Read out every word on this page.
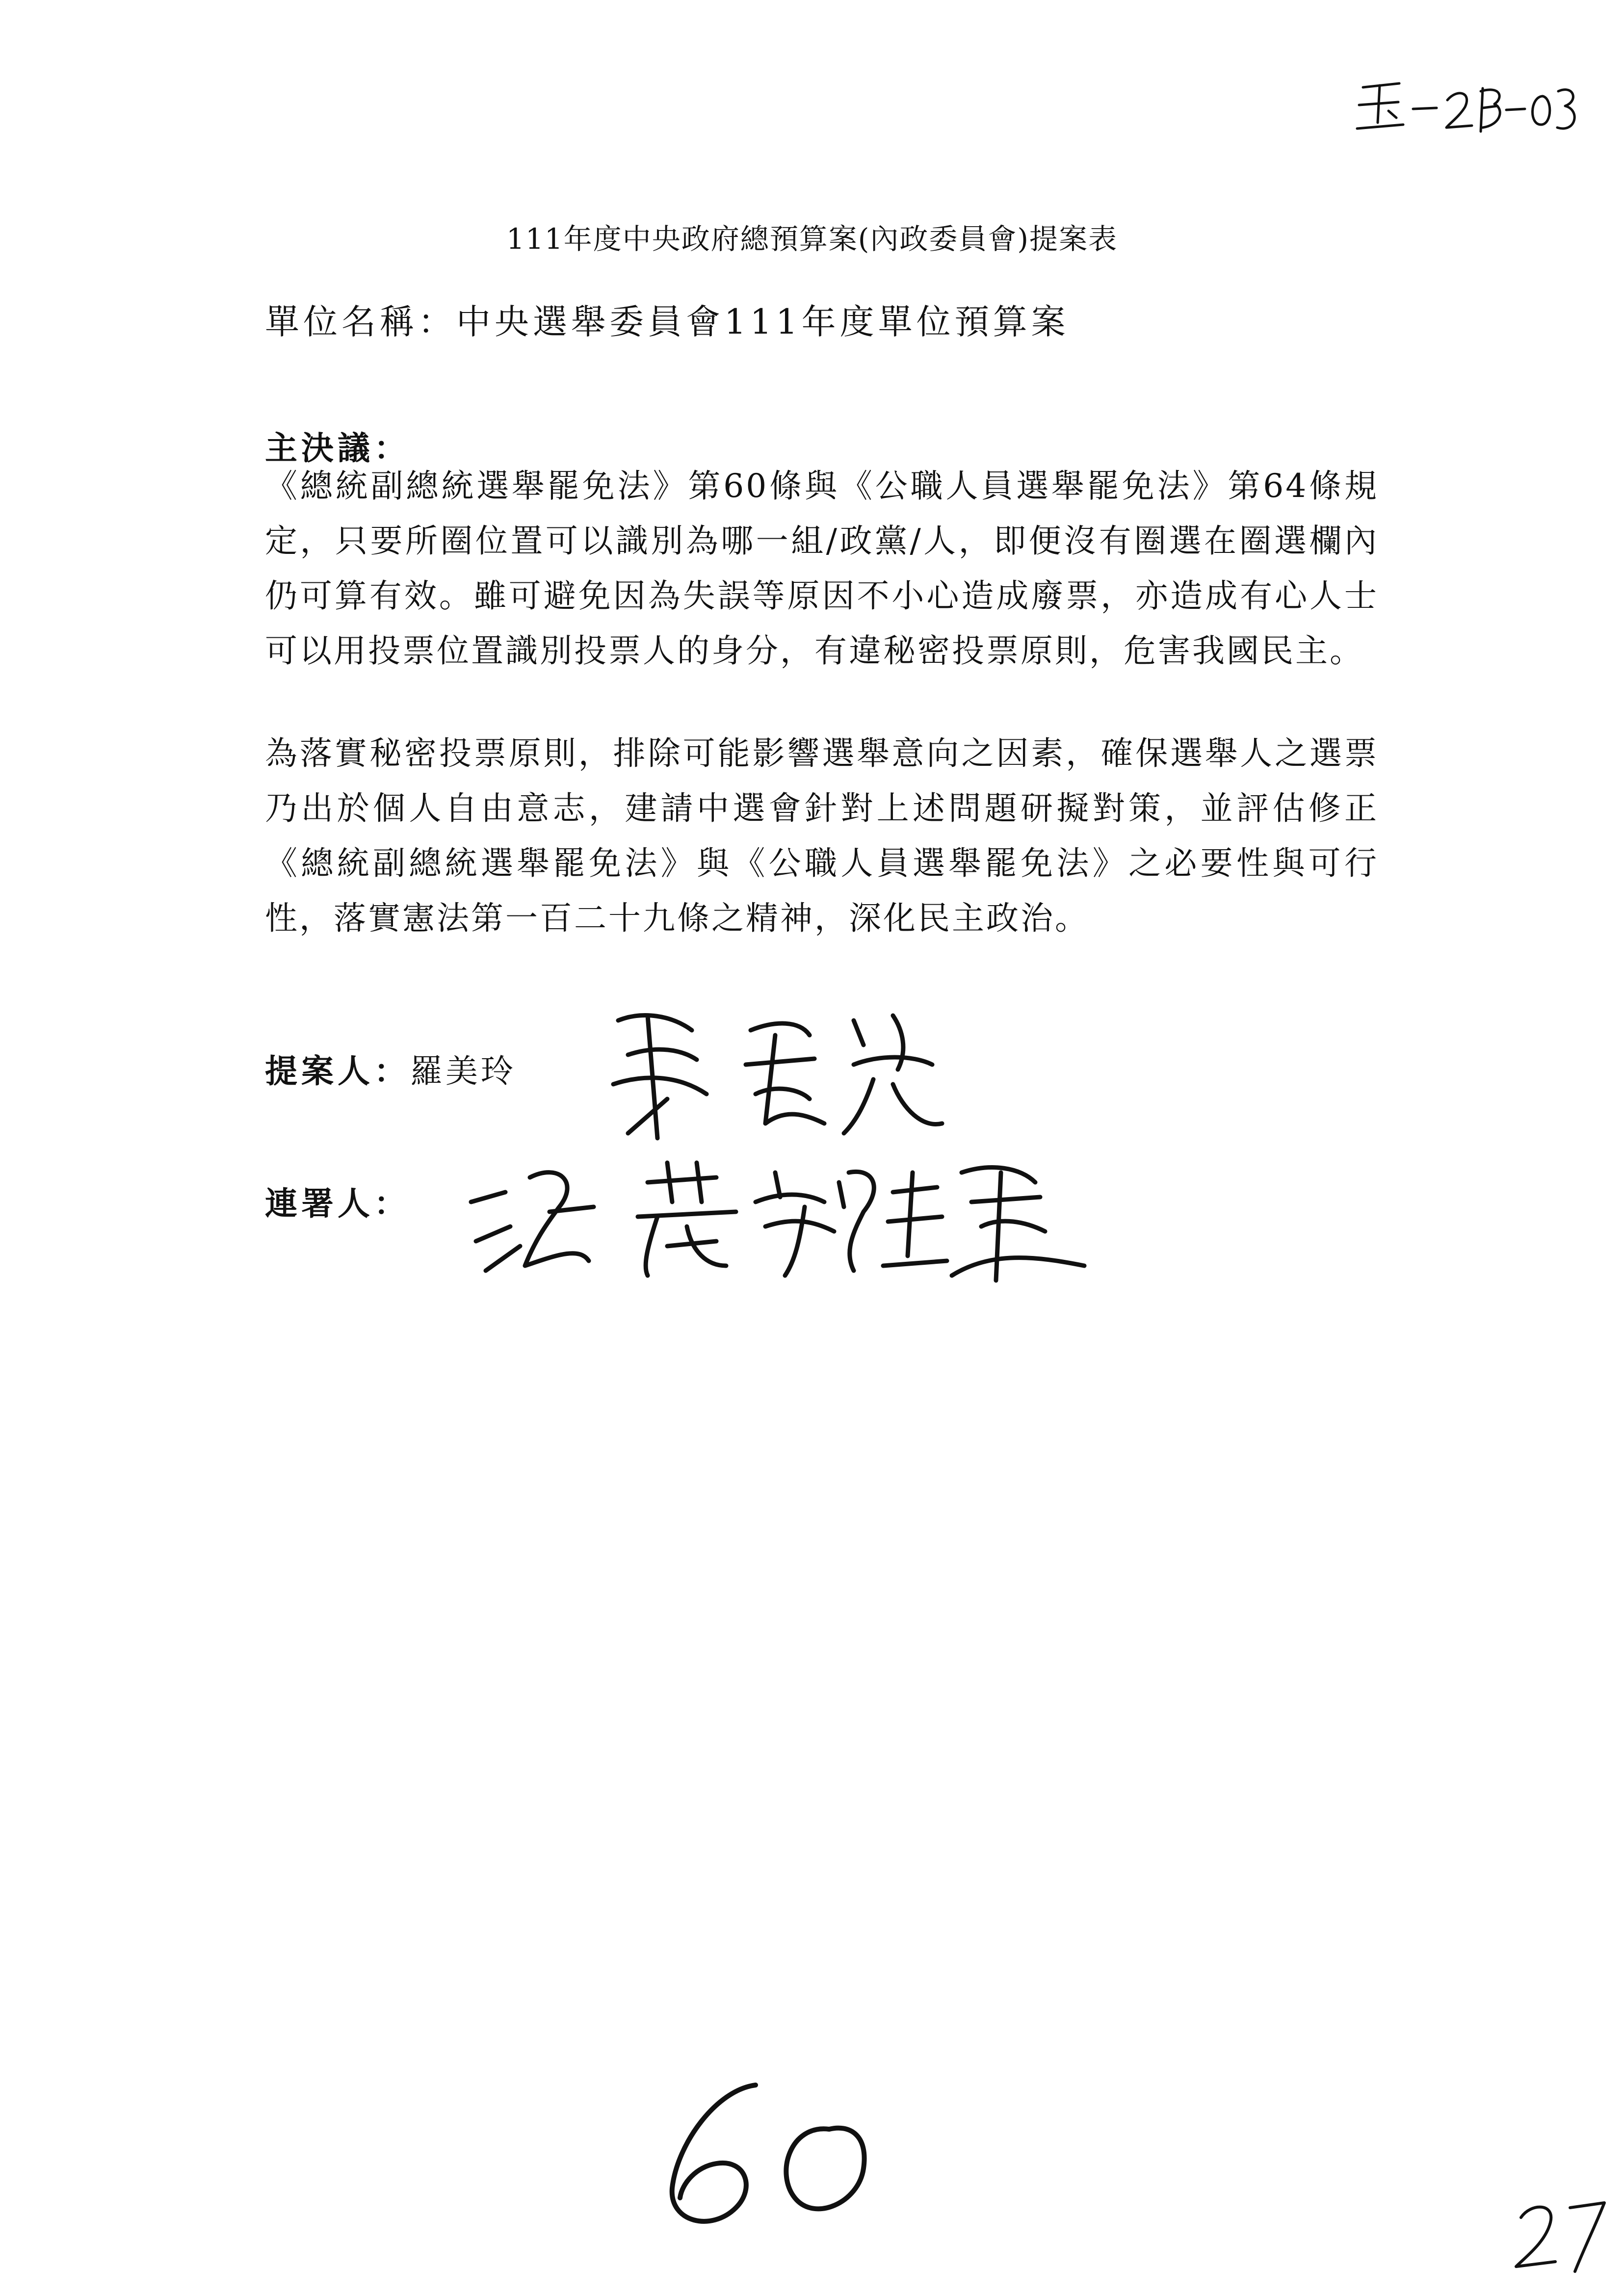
111年度中央政府總預算案(內政委員會)提案表
單位名稱：中央選舉委員會111年度單位預算案
主決議：

《總統副總統選舉罷免法》第60條與《公職人員選舉罷免法》第64條規定，只要所圈位置可以識別為哪一組/政黨/人，即便沒有圈選在圈選欄內仍可算有效。雖可避免因為失誤等原因不小心造成廢票，亦造成有心人士可以用投票位置識別投票人的身分，有違秘密投票原則，危害我國民主。

為落實秘密投票原則，排除可能影響選舉意向之因素，確保選舉人之選票乃出於個人自由意志，建請中選會針對上述問題研擬對策，並評估修正《總統副總統選舉罷免法》與《公職人員選舉罷免法》之必要性與可行性，落實憲法第一百二十九條之精神，深化民主政治。

提案人：羅美玲
連署人：
